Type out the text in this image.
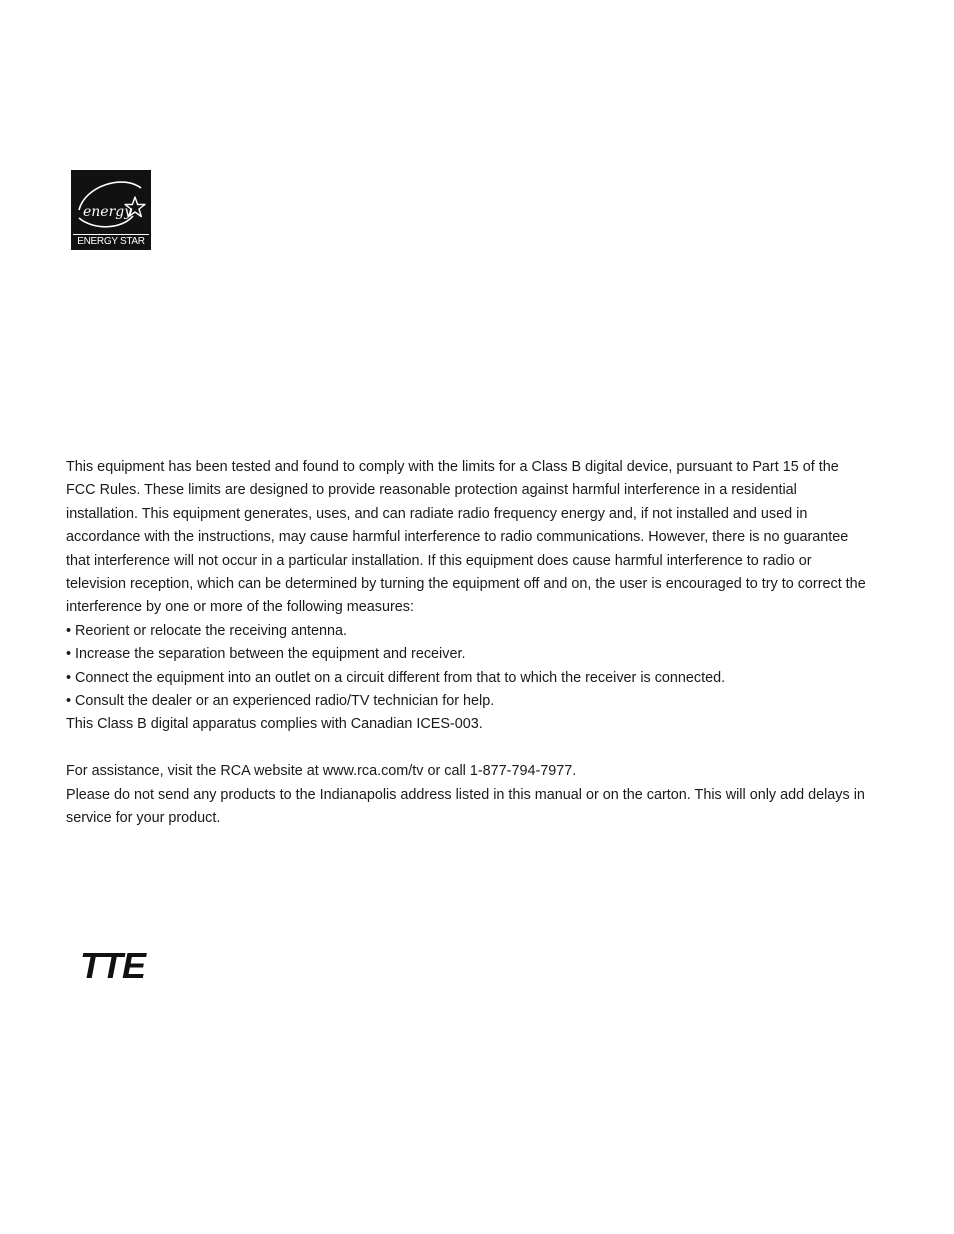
energy
ENERGY STAR

This equipment has been tested and found to comply with the limits for a Class B digital device, pursuant to Part 15 of the FCC Rules. These limits are designed to provide reasonable protection against harmful interference in a residential installation. This equipment generates, uses, and can radiate radio frequency energy and, if not installed and used in accordance with the instructions, may cause harmful interference to radio communications. However, there is no guarantee that interference will not occur in a particular installation. If this equipment does cause harmful interference to radio or television reception, which can be determined by turning the equipment off and on, the user is encouraged to try to correct the interference by one or more of the following measures:

• Reorient or relocate the receiving antenna.

• Increase the separation between the equipment and receiver.

• Connect the equipment into an outlet on a circuit different from that to which the receiver is connected.

• Consult the dealer or an experienced radio/TV technician for help.

This Class B digital apparatus complies with Canadian ICES-003.

For assistance, visit the RCA website at www.rca.com/tv or call 1-877-794-7977.

Please do not send any products to the Indianapolis address listed in this manual or on the carton. This will only add delays in service for your product.

TTE
